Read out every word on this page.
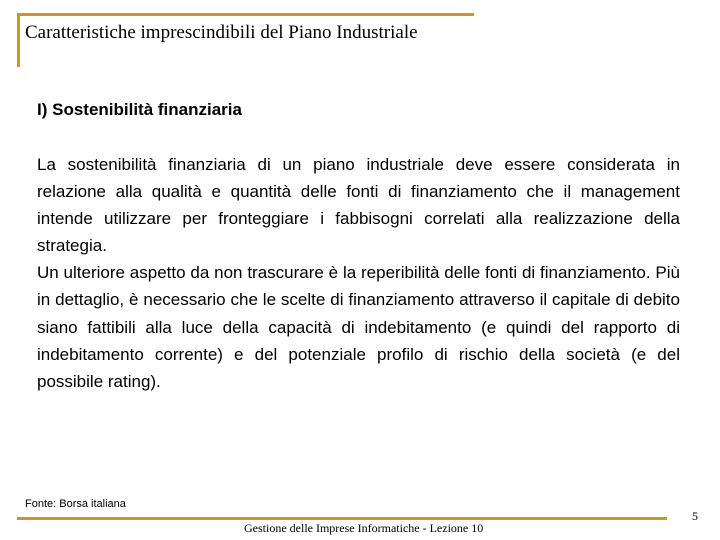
Caratteristiche imprescindibili del Piano Industriale
I) Sostenibilità finanziaria

La sostenibilità finanziaria di un piano industriale deve essere considerata in relazione alla qualità e quantità delle fonti di finanziamento che il management intende utilizzare per fronteggiare i fabbisogni correlati alla realizzazione della strategia.

Un ulteriore aspetto da non trascurare è la reperibilità delle fonti di finanziamento. Più in dettaglio, è necessario che le scelte di finanziamento attraverso il capitale di debito siano fattibili alla luce della capacità di indebitamento (e quindi del rapporto di indebitamento corrente) e del potenziale profilo di rischio della società (e del possibile rating).

Fonte: Borsa italiana
Gestione delle Imprese Informatiche - Lezione 10
5
